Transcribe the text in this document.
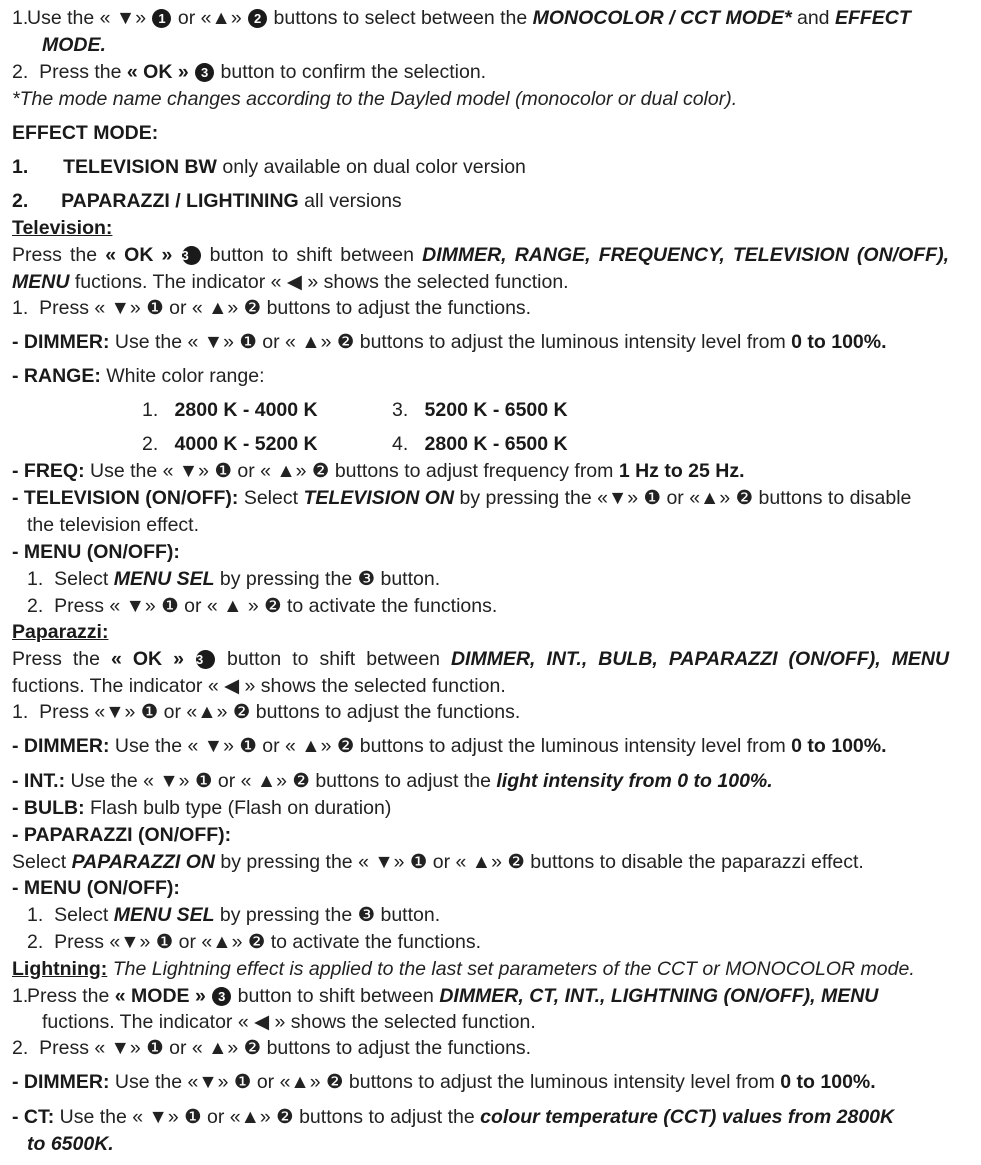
1.
Use the « ▼» 1 or «▲» 2 buttons to select between the MONOCOLOR / CCT MODE* and EFFECT
MODE.
2.  Press the « OK » 3 button to confirm the selection.
*The mode name changes according to the Dayled model (monocolor or dual color).
EFFECT MODE:
1. TELEVISION BW only available on dual color version
2. PAPARAZZI / LIGHTINING all versions
Television:
Press the « OK » 3 button to shift between DIMMER, RANGE, FREQUENCY, TELEVISION (ON/OFF),
MENU fuctions. The indicator « ◀ » shows the selected function.
1.  Press « ▼» ❶ or « ▲» ❷ buttons to adjust the functions.
- DIMMER: Use the « ▼» ❶ or « ▲» ❷ buttons to adjust the luminous intensity level from 0 to 100%.
- RANGE: White color range:
1. 2800 K - 4000 K	3. 5200 K - 6500 K
2. 4000 K - 5200 K	4. 2800 K - 6500 K
- FREQ: Use the « ▼» ❶ or « ▲» ❷ buttons to adjust frequency from 1 Hz to 25 Hz.
- TELEVISION (ON/OFF): Select TELEVISION ON by pressing the «▼» ❶ or «▲» ❷ buttons to disable
the television effect.
- MENU (ON/OFF):
1.  Select MENU SEL by pressing the ❸ button.
2.  Press « ▼» ❶ or « ▲ » ❷ to activate the functions.
Paparazzi:
Press the « OK » 3 button to shift between DIMMER, INT., BULB, PAPARAZZI (ON/OFF), MENU
fuctions. The indicator « ◀ » shows the selected function.
1.  Press «▼» ❶ or «▲» ❷ buttons to adjust the functions.
- DIMMER: Use the « ▼» ❶ or « ▲» ❷ buttons to adjust the luminous intensity level from 0 to 100%.
- INT.: Use the « ▼» ❶ or « ▲» ❷ buttons to adjust the light intensity from 0 to 100%.
- BULB: Flash bulb type (Flash on duration)
- PAPARAZZI (ON/OFF):
Select PAPARAZZI ON by pressing the « ▼» ❶ or « ▲» ❷ buttons to disable the paparazzi effect.
- MENU (ON/OFF):
1.  Select MENU SEL by pressing the ❸ button.
2.  Press «▼» ❶ or «▲» ❷ to activate the functions.
Lightning: The Lightning effect is applied to the last set parameters of the CCT or MONOCOLOR mode.
1.
Press the « MODE » 3 button to shift between DIMMER, CT, INT., LIGHTNING (ON/OFF), MENU
fuctions. The indicator « ◀ » shows the selected function.
2.  Press « ▼» ❶ or « ▲» ❷ buttons to adjust the functions.
- DIMMER: Use the «▼» ❶ or «▲» ❷ buttons to adjust the luminous intensity level from 0 to 100%.
- CT: Use the « ▼» ❶ or «▲» ❷ buttons to adjust the colour temperature (CCT) values from 2800K
to 6500K.
